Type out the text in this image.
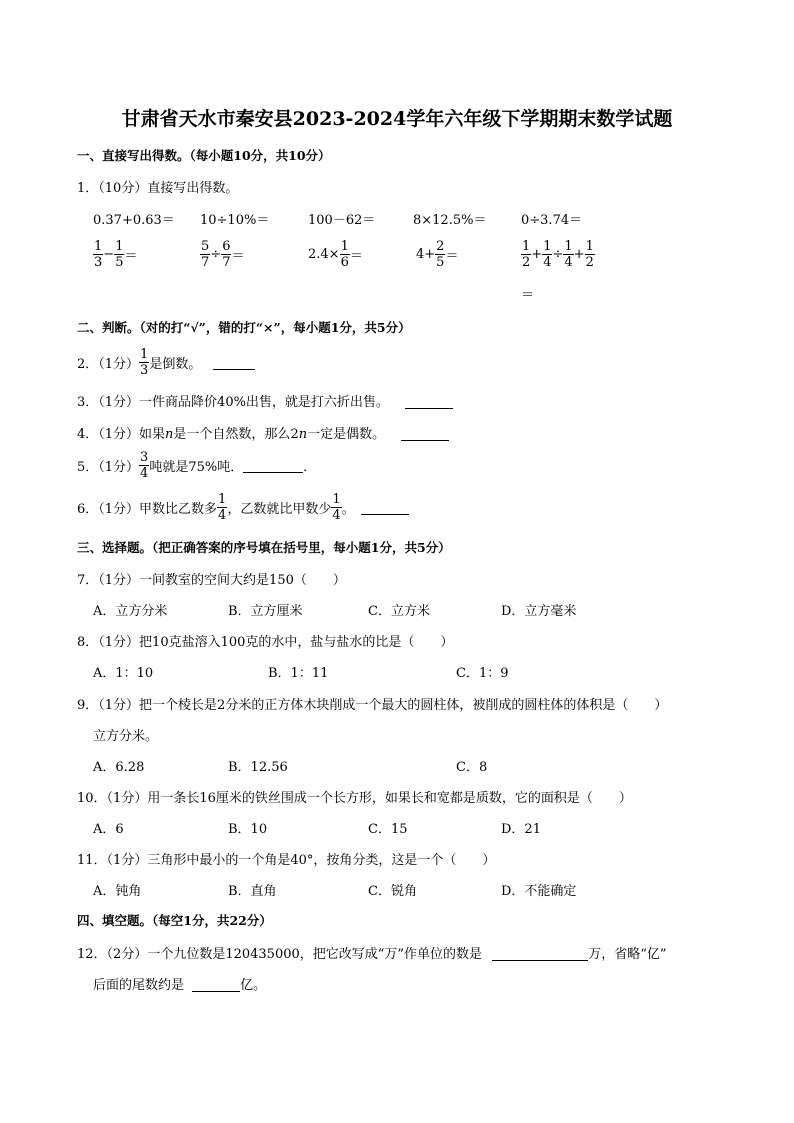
甘肃省天水市秦安县2023-2024学年六年级下学期期末数学试题
一、直接写出得数。（每小题10分，共10分）
1．（10分）直接写出得数。
0.37+0.63＝ 10÷10%＝	100－62＝	8×12.5%＝	0÷3.74＝
$\frac{1}{3} - \frac{1}{5}$ ＝	$\frac{5}{7} \div \frac{6}{7}$ ＝	$2.4\times \frac{1}{6}$ ＝	$4+ \frac{2}{5}$ ＝	$\frac{1}{2} + \frac{1}{4} \div \frac{1}{4} + \frac{1}{2}$
＝
二、判断。（对的打“√”，错的打“×”，每小题1分，共5分）
2．（1分） $\frac{1}{3}$ 是倒数。
3．（1分）一件商品降价40%出售，就是打六折出售。
4．（1分）如果n是一个自然数，那么2n一定是偶数。
5．（1分） $\frac{3}{4}$ 吨就是75%吨．	．
6．（1分）甲数比乙数多 $\frac{1}{4}$ ，乙数就比甲数少 $\frac{1}{4}$ 。
三、选择题。（把正确答案的序号填在括号里，每小题1分，共5分）
7．（1分）一间教室的空间大约是150（　　）
A．立方分米	B．立方厘米	C．立方米	D．立方毫米
8．（1分）把10克盐溶入100克的水中，盐与盐水的比是（　　）
A．1：10	B．1：11	C．1：9
9．（1分）把一个棱长是2分米的正方体木块削成一个最大的圆柱体，被削成的圆柱体的体积是（　　）
立方分米。
A．6.28	B．12.56	C．8
10．（1分）用一条长16厘米的铁丝围成一个长方形，如果长和宽都是质数，它的面积是（　　）
A．6	B．10	C．15	D．21
11．（1分）三角形中最小的一个角是40°，按角分类，这是一个（　　）
A．钝角	B．直角	C．锐角	D．不能确定
四、填空题。（每空1分，共22分）
12．（2分）一个九位数是120435000，把它改写成“万”作单位的数是	万，省略“亿”
后面的尾数约是	亿。
